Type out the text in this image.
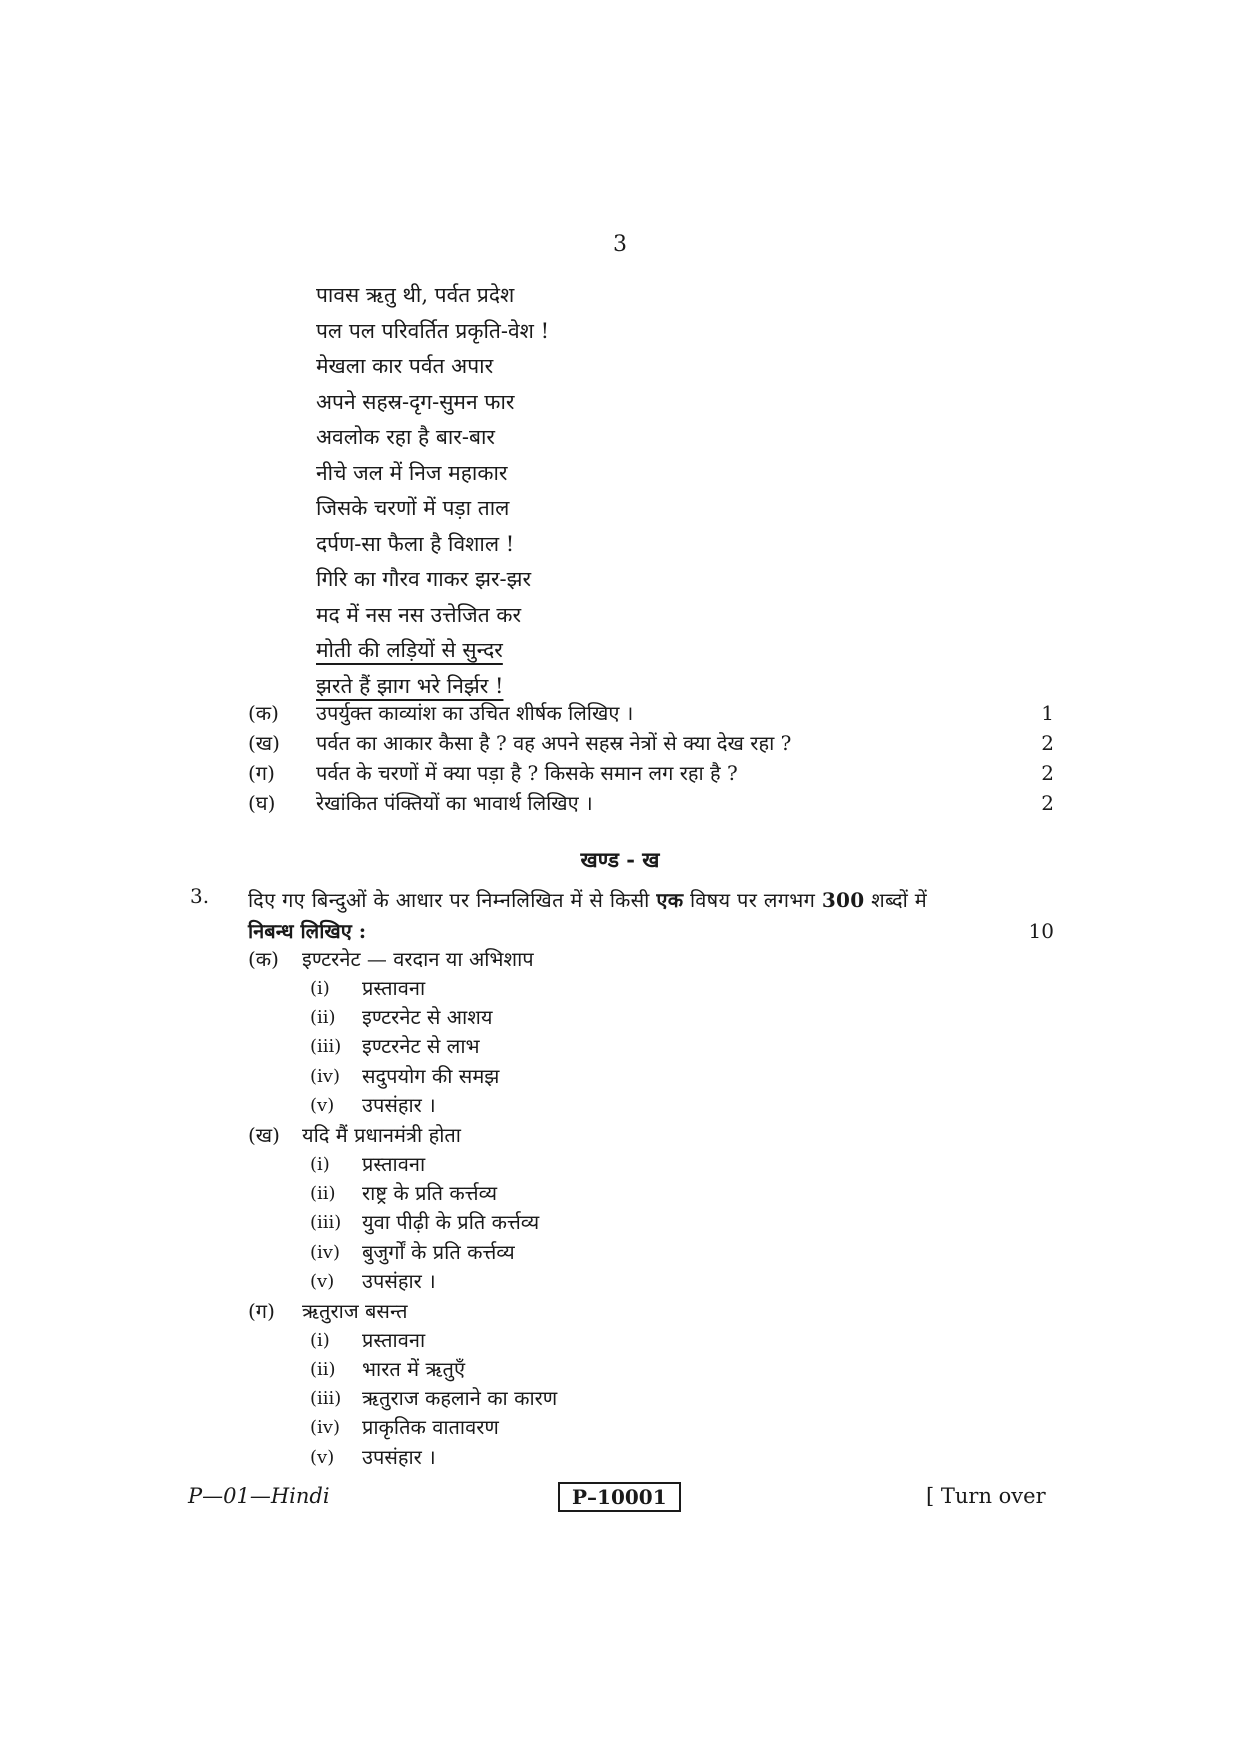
3
पावस ऋतु थी, पर्वत प्रदेश
पल पल परिवर्तित प्रकृति-वेश !
मेखला कार पर्वत अपार
अपने सहस्र-दृग-सुमन फार
अवलोक रहा है बार-बार
नीचे जल में निज महाकार
जिसके चरणों में पड़ा ताल
दर्पण-सा फैला है विशाल !
गिरि का गौरव गाकर झर-झर
मद में नस नस उत्तेजित कर
मोती की लड़ियों से सुन्दर
झरते हैं झाग भरे निर्झर !
(क) उपर्युक्त काव्यांश का उचित शीर्षक लिखिए ।	1
(ख) पर्वत का आकार कैसा है ? वह अपने सहस्र नेत्रों से क्या देख रहा ?	2
(ग) पर्वत के चरणों में क्या पड़ा है ? किसके समान लग रहा है ?	2
(घ) रेखांकित पंक्तियों का भावार्थ लिखिए ।	2
खण्ड - ख
3. दिए गए बिन्दुओं के आधार पर निम्नलिखित में से किसी एक विषय पर लगभग 300 शब्दों में
निबन्ध लिखिए :	10
(क) इण्टरनेट — वरदान या अभिशाप
(i) प्रस्तावना
(ii) इण्टरनेट से आशय
(iii) इण्टरनेट से लाभ
(iv) सदुपयोग की समझ
(v) उपसंहार ।
(ख) यदि मैं प्रधानमंत्री होता
(i) प्रस्तावना
(ii) राष्ट्र के प्रति कर्त्तव्य
(iii) युवा पीढ़ी के प्रति कर्त्तव्य
(iv) बुजुर्गों के प्रति कर्त्तव्य
(v) उपसंहार ।
(ग) ऋतुराज बसन्त
(i) प्रस्तावना
(ii) भारत में ऋतुएँ
(iii) ऋतुराज कहलाने का कारण
(iv) प्राकृतिक वातावरण
(v) उपसंहार ।
P—01—Hindi	P–10001	[ Turn over
